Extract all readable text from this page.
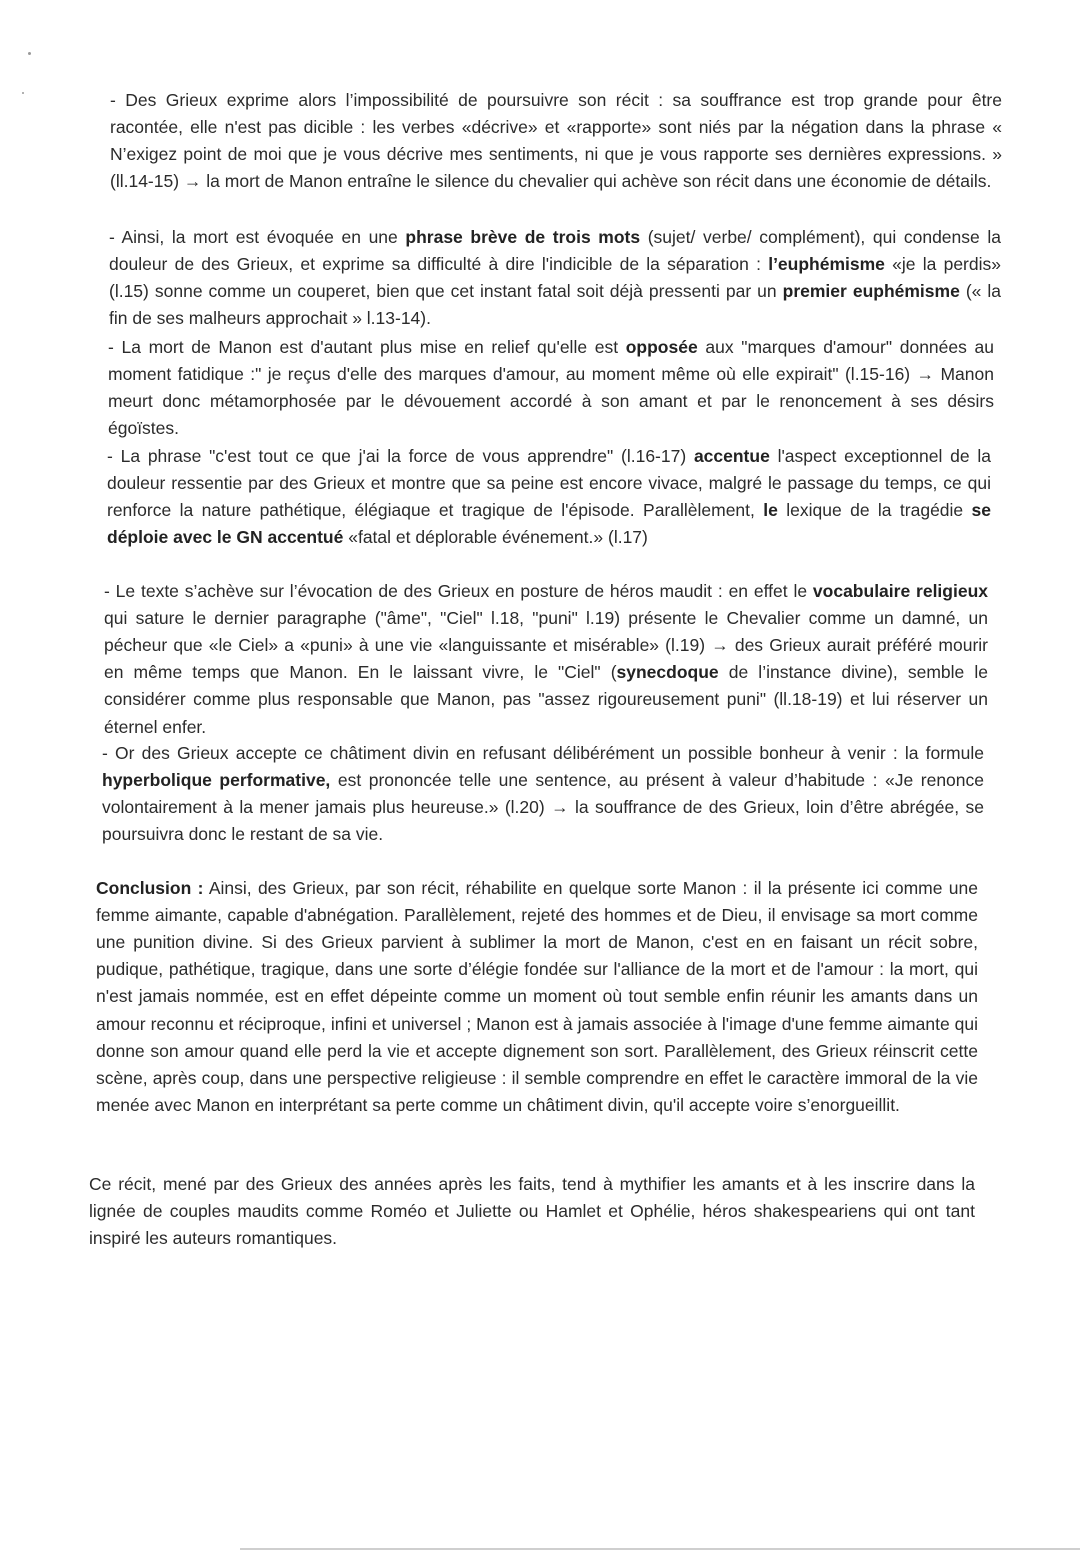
- Des Grieux exprime alors l’impossibilité de poursuivre son récit : sa souffrance est trop grande pour être racontée, elle n'est pas dicible : les verbes «décrive» et «rapporte» sont niés par la négation dans la phrase « N’exigez point de moi que je vous décrive mes sentiments, ni que je vous rapporte ses dernières expressions. » (ll.14-15) → la mort de Manon entraîne le silence du chevalier qui achève son récit dans une économie de détails.

- Ainsi, la mort est évoquée en une phrase brève de trois mots (sujet/ verbe/ complément), qui condense la douleur de des Grieux, et exprime sa difficulté à dire l'indicible de la séparation : l’euphémisme «je la perdis» (l.15) sonne comme un couperet, bien que cet instant fatal soit déjà pressenti par un premier euphémisme (« la fin de ses malheurs approchait » l.13-14).

- La mort de Manon est d'autant plus mise en relief qu'elle est opposée aux "marques d'amour" données au moment fatidique :" je reçus d'elle des marques d'amour, au moment même où elle expirait" (l.15-16) → Manon meurt donc métamorphosée par le dévouement accordé à son amant et par le renoncement à ses désirs égoïstes.

- La phrase "c'est tout ce que j'ai la force de vous apprendre" (l.16-17) accentue l'aspect exceptionnel de la douleur ressentie par des Grieux et montre que sa peine est encore vivace, malgré le passage du temps, ce qui renforce la nature pathétique, élégiaque et tragique de l'épisode. Parallèlement, le lexique de la tragédie se déploie avec le GN accentué «fatal et déplorable événement.» (l.17)

- Le texte s’achève sur l’évocation de des Grieux en posture de héros maudit : en effet le vocabulaire religieux qui sature le dernier paragraphe ("âme", "Ciel" l.18, "puni" l.19) présente le Chevalier comme un damné, un pécheur que «le Ciel» a «puni» à une vie «languissante et misérable» (l.19) → des Grieux aurait préféré mourir en même temps que Manon. En le laissant vivre, le "Ciel" (synecdoque de l’instance divine), semble le considérer comme plus responsable que Manon, pas "assez rigoureusement puni" (ll.18-19) et lui réserver un éternel enfer.

- Or des Grieux accepte ce châtiment divin en refusant délibérément un possible bonheur à venir : la formule hyperbolique performative, est prononcée telle une sentence, au présent à valeur d’habitude : «Je renonce volontairement à la mener jamais plus heureuse.» (l.20) → la souffrance de des Grieux, loin d’être abrégée, se poursuivra donc le restant de sa vie.

Conclusion : Ainsi, des Grieux, par son récit, réhabilite en quelque sorte Manon : il la présente ici comme une femme aimante, capable d'abnégation. Parallèlement, rejeté des hommes et de Dieu, il envisage sa mort comme une punition divine. Si des Grieux parvient à sublimer la mort de Manon, c'est en en faisant un récit sobre, pudique, pathétique, tragique, dans une sorte d’élégie fondée sur l'alliance de la mort et de l'amour : la mort, qui n'est jamais nommée, est en effet dépeinte comme un moment où tout semble enfin réunir les amants dans un amour reconnu et réciproque, infini et universel ; Manon est à jamais associée à l'image d'une femme aimante qui donne son amour quand elle perd la vie et accepte dignement son sort. Parallèlement, des Grieux réinscrit cette scène, après coup, dans une perspective religieuse : il semble comprendre en effet le caractère immoral de la vie menée avec Manon en interprétant sa perte comme un châtiment divin, qu'il accepte voire s’enorgueillit.

Ce récit, mené par des Grieux des années après les faits, tend à mythifier les amants et à les inscrire dans la lignée de couples maudits comme Roméo et Juliette ou Hamlet et Ophélie, héros shakespeariens qui ont tant inspiré les auteurs romantiques.
